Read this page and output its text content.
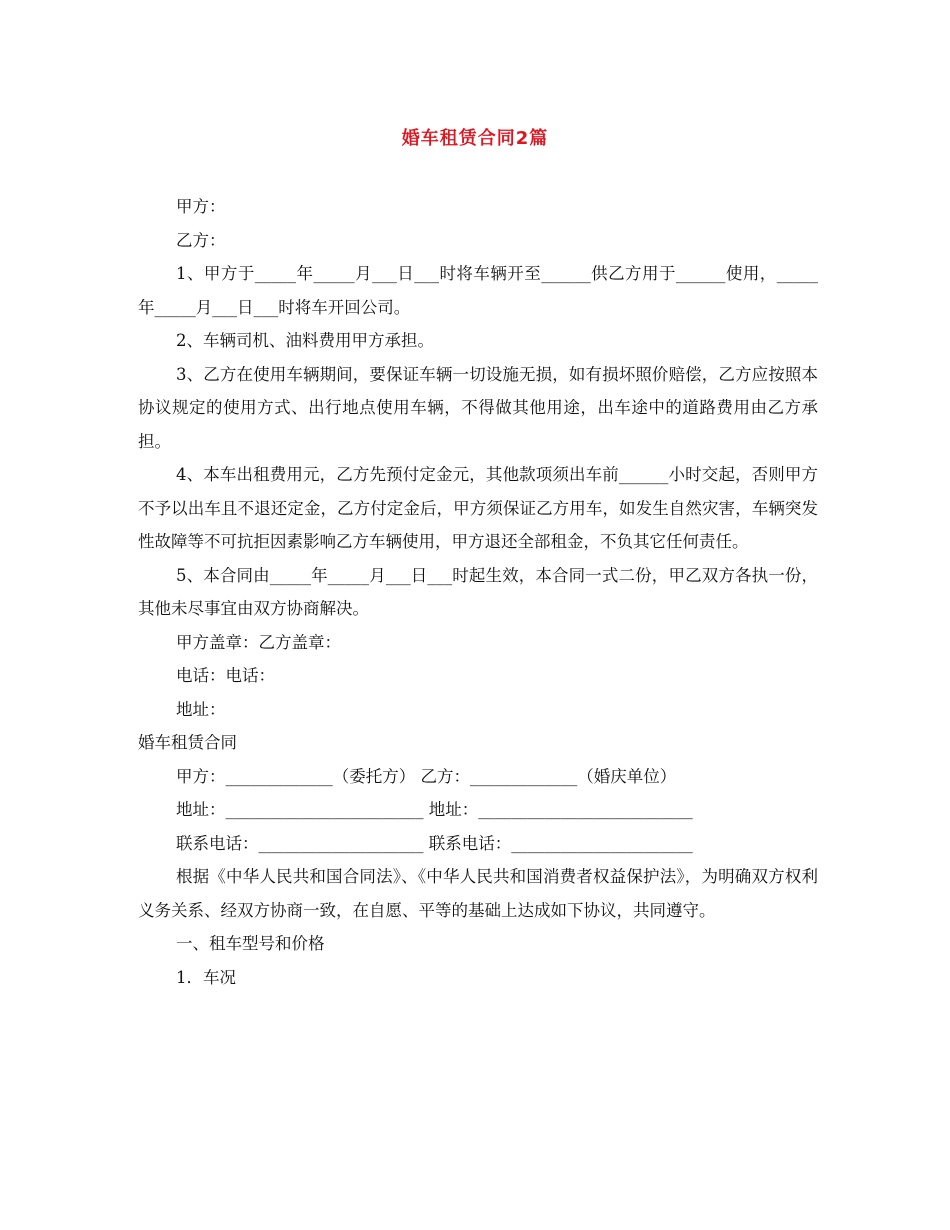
婚车租赁合同2篇

甲方：

乙方：

1、甲方于_____年_____月___日___时将车辆开至______供乙方用于______使用，_____年_____月___日___时将车开回公司。

2、车辆司机、油料费用甲方承担。

3、乙方在使用车辆期间，要保证车辆一切设施无损，如有损坏照价赔偿，乙方应按照本协议规定的使用方式、出行地点使用车辆，不得做其他用途，出车途中的道路费用由乙方承担。

4、本车出租费用元，乙方先预付定金元，其他款项须出车前______小时交起，否则甲方不予以出车且不退还定金，乙方付定金后，甲方须保证乙方用车，如发生自然灾害，车辆突发性故障等不可抗拒因素影响乙方车辆使用，甲方退还全部租金，不负其它任何责任。

5、本合同由_____年_____月___日___时起生效，本合同一式二份，甲乙双方各执一份，其他未尽事宜由双方协商解决。

甲方盖章：乙方盖章：

电话：电话：

地址：

婚车租赁合同

甲方：_____________（委托方） 乙方：_____________（婚庆单位）

地址：________________________ 地址：__________________________

联系电话：____________________ 联系电话：______________________

根据《中华人民共和国合同法》、《中华人民共和国消费者权益保护法》，为明确双方权利义务关系、经双方协商一致，在自愿、平等的基础上达成如下协议，共同遵守。

一、租车型号和价格

1．车况
